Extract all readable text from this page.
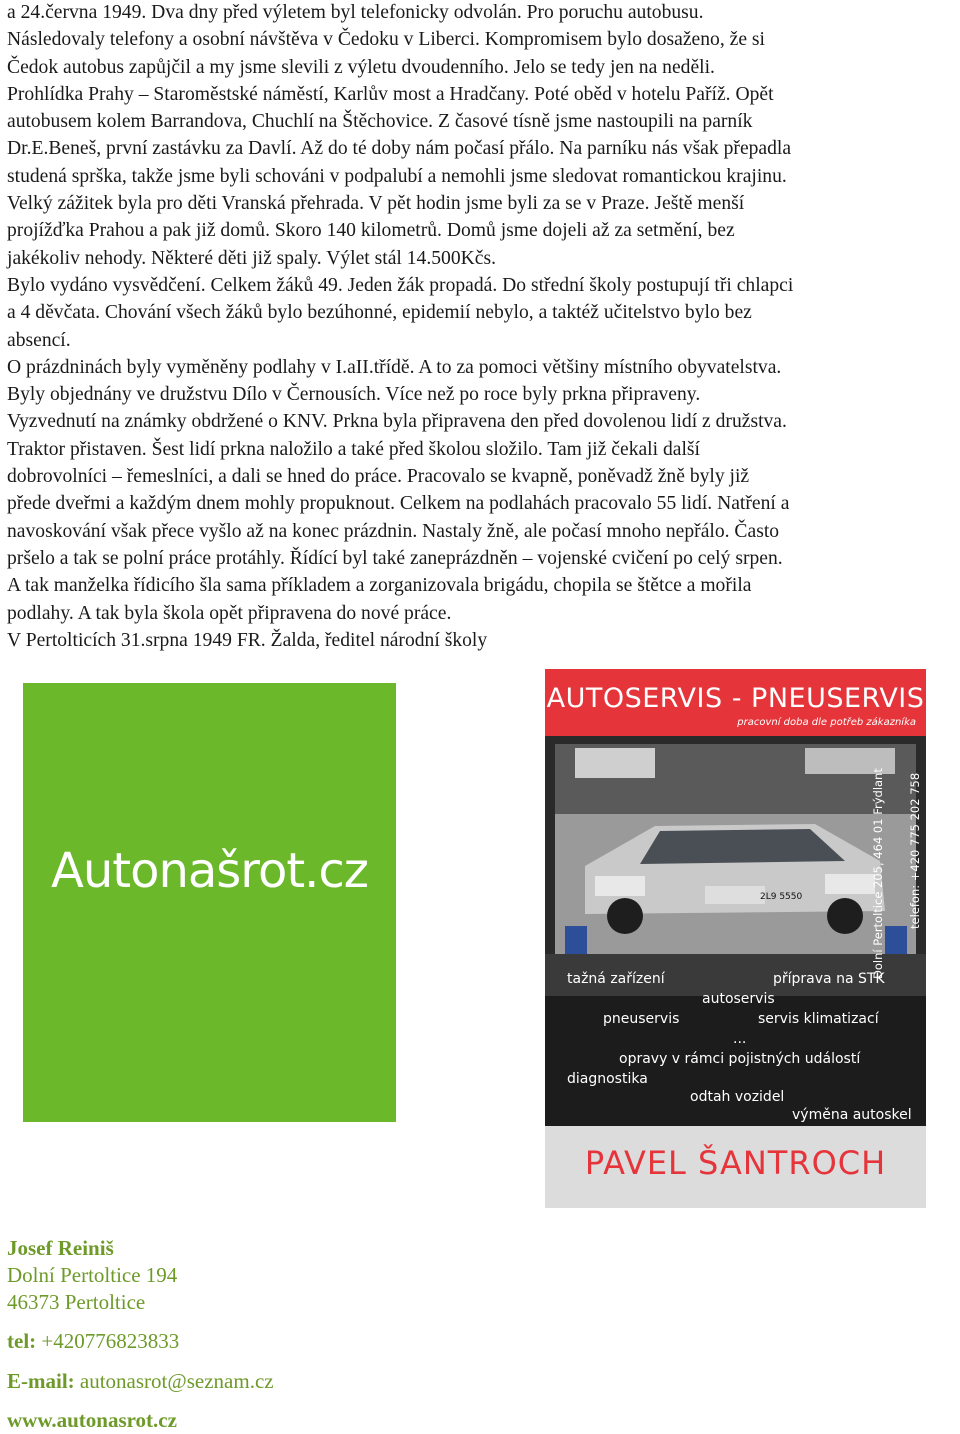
a 24.června 1949. Dva dny před výletem byl telefonicky odvolán. Pro poruchu autobusu.
Následovaly telefony a osobní návštěva v Čedoku v Liberci. Kompromisem bylo dosaženo, že si
Čedok autobus zapůjčil a my jsme slevili z výletu dvoudenního. Jelo se tedy jen na neděli.
Prohlídka Prahy – Staroměstské náměstí, Karlův most a Hradčany. Poté oběd v hotelu Paříž. Opět
autobusem kolem Barrandova, Chuchlí na Štěchovice. Z časové tísně jsme nastoupili na parník
Dr.E.Beneš, první zastávku za Davlí. Až do té doby nám počasí přálo. Na parníku nás však přepadla
studená sprška, takže jsme byli schováni v podpalubí a nemohli jsme sledovat romantickou krajinu.
Velký zážitek byla pro děti Vranská přehrada. V pět hodin jsme byli za se v Praze. Ještě menší
projížďka Prahou a pak již domů. Skoro 140 kilometrů. Domů jsme dojeli až za setmění, bez
jakékoliv nehody. Některé děti již spaly. Výlet stál 14.500Kčs.
Bylo vydáno vysvědčení. Celkem žáků 49. Jeden žák propadá. Do střední školy postupují tři chlapci
a 4 děvčata. Chování všech žáků bylo bezúhonné, epidemií nebylo, a taktéž učitelstvo bylo bez
absencí.
O prázdninách byly vyměněny podlahy v I.aII.třídě. A to za pomoci většiny místního obyvatelstva.
Byly objednány ve družstvu Dílo v Černousích. Více než po roce byly prkna připraveny.
Vyzvednutí na známky obdržené o KNV. Prkna byla připravena den před dovolenou lidí z družstva.
Traktor přistaven. Šest lidí prkna naložilo a také před školou složilo. Tam již čekali další
dobrovolníci – řemeslníci, a dali se hned do práce. Pracovalo se kvapně, poněvadž žně byly již
přede dveřmi a každým dnem mohly propuknout. Celkem na podlahách pracovalo 55 lidí. Natření a
navoskování však přece vyšlo až na konec prázdnin. Nastaly žně, ale počasí mnoho nepřálo. Často
pršelo a tak se polní práce protáhly. Řídící byl také zaneprázdněn – vojenské cvičení po celý srpen.
A tak manželka řídicího šla sama příkladem a zorganizovala brigádu, chopila se štětce a mořila
podlahy. A tak byla škola opět připravena do nové práce.
V Pertolticích 31.srpna 1949 FR. Žalda, ředitel národní školy
Autonašrot.cz
AUTOSERVIS - PNEUSERVIS
pracovní doba dle potřeb zákazníka
2L9 5550	Dolní Pertoltice 205, 464 01 Frýdlant telefon: +420 775 202 758
tažná zařízení	příprava na STK
autoservis
pneuservis	servis klimatizací
...
opravy v rámci pojistných událostí
diagnostika
odtah vozidel
výměna autoskel
PAVEL ŠANTROCH
Josef Reiniš
Dolní Pertoltice 194
46373 Pertoltice
tel: +420776823833
E-mail: autonasrot@seznam.cz
www.autonasrot.cz
